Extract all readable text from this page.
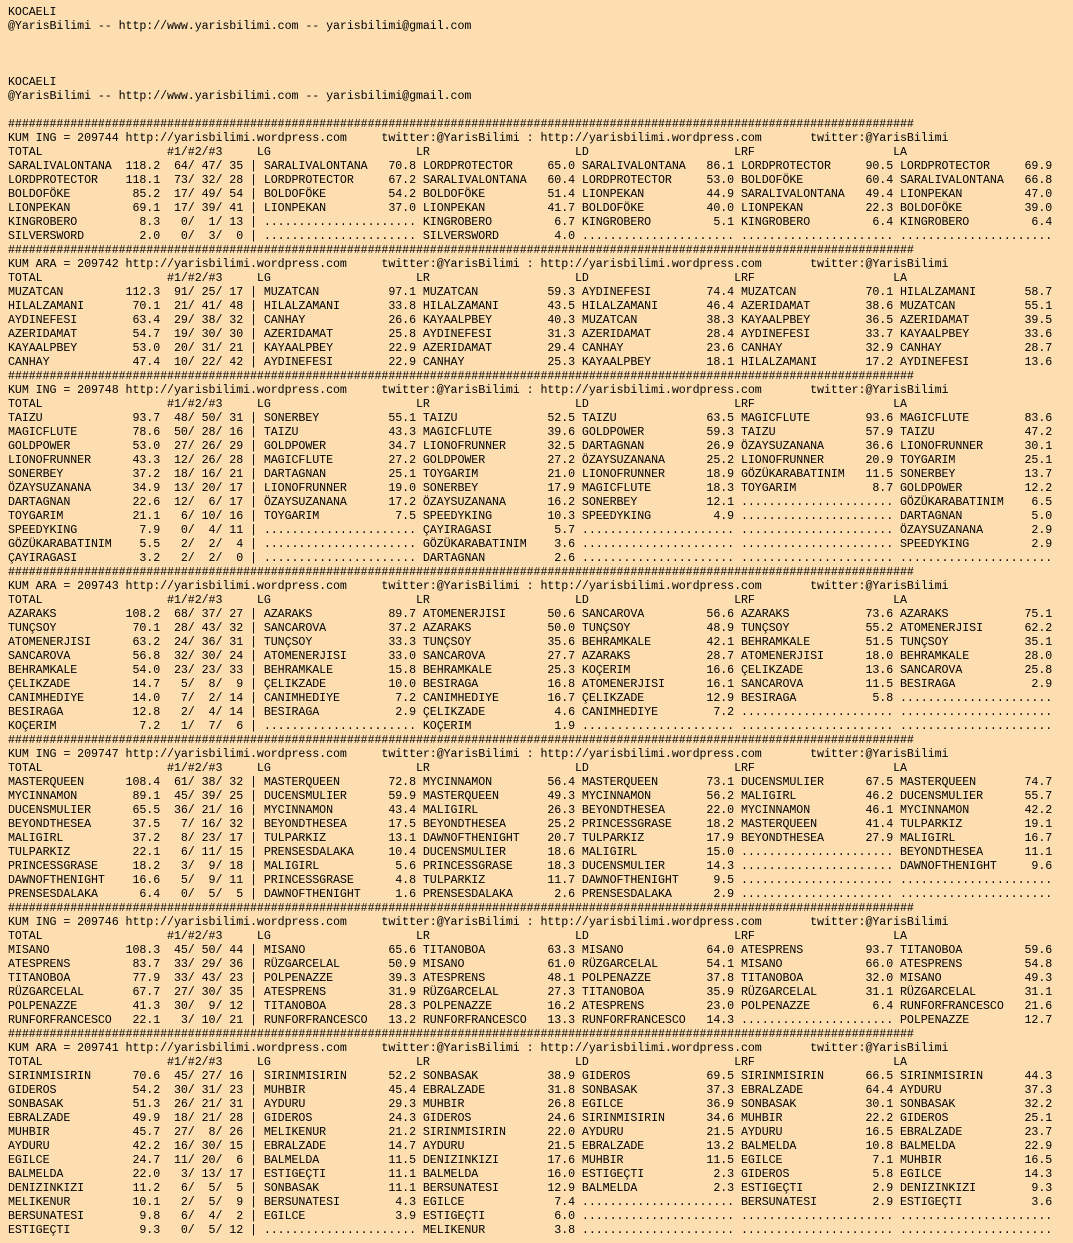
KOCAELI
@YarisBilimi -- http://www.yarisbilimi.com -- yarisbilimi@gmail.com
KOCAELI
@YarisBilimi -- http://www.yarisbilimi.com -- yarisbilimi@gmail.com
###################################################################################################################################
KUM ING = 209744 http://yarisbilimi.wordpress.com     twitter:@YarisBilimi : http://yarisbilimi.wordpress.com       twitter:@YarisBilimi
TOTAL                  #1/#2/#3     LG                     LR                     LD                     LRF                    LA
SARALIVALONTANA  118.2  64/ 47/ 35 | SARALIVALONTANA   70.8 LORDPROTECTOR     65.0 SARALIVALONTANA   86.1 LORDPROTECTOR     90.5 LORDPROTECTOR     69.9
LORDPROTECTOR    118.1  73/ 32/ 28 | LORDPROTECTOR     67.2 SARALIVALONTANA   60.4 LORDPROTECTOR     53.0 BOLDOFÖKE         60.4 SARALIVALONTANA   66.8
BOLDOFÖKE         85.2  17/ 49/ 54 | BOLDOFÖKE         54.2 BOLDOFÖKE         51.4 LIONPEKAN         44.9 SARALIVALONTANA   49.4 LIONPEKAN         47.0
LIONPEKAN         69.1  17/ 39/ 41 | LIONPEKAN         37.0 LIONPEKAN         41.7 BOLDOFÖKE         40.0 LIONPEKAN         22.3 BOLDOFÖKE         39.0
KINGROBERO         8.3   0/  1/ 13 | ...................... KINGROBERO         6.7 KINGROBERO         5.1 KINGROBERO         6.4 KINGROBERO         6.4
SILVERSWORD        2.0   0/  3/  0 | ...................... SILVERSWORD        4.0 ...................... ...................... ......................
###################################################################################################################################
KUM ARA = 209742 http://yarisbilimi.wordpress.com     twitter:@YarisBilimi : http://yarisbilimi.wordpress.com       twitter:@YarisBilimi
TOTAL                  #1/#2/#3     LG                     LR                     LD                     LRF                    LA
MUZATCAN         112.3  91/ 25/ 17 | MUZATCAN          97.1 MUZATCAN          59.3 AYDINEFESI        74.4 MUZATCAN          70.1 HILALZAMANI       58.7
HILALZAMANI       70.1  21/ 41/ 48 | HILALZAMANI       33.8 HILALZAMANI       43.5 HILALZAMANI       46.4 AZERIDAMAT        38.6 MUZATCAN          55.1
AYDINEFESI        63.4  29/ 38/ 32 | CANHAY            26.6 KAYAALPBEY        40.3 MUZATCAN          38.3 KAYAALPBEY        36.5 AZERIDAMAT        39.5
AZERIDAMAT        54.7  19/ 30/ 30 | AZERIDAMAT        25.8 AYDINEFESI        31.3 AZERIDAMAT        28.4 AYDINEFESI        33.7 KAYAALPBEY        33.6
KAYAALPBEY        53.0  20/ 31/ 21 | KAYAALPBEY        22.9 AZERIDAMAT        29.4 CANHAY            23.6 CANHAY            32.9 CANHAY            28.7
CANHAY            47.4  10/ 22/ 42 | AYDINEFESI        22.9 CANHAY            25.3 KAYAALPBEY        18.1 HILALZAMANI       17.2 AYDINEFESI        13.6
###################################################################################################################################
KUM ING = 209748 http://yarisbilimi.wordpress.com     twitter:@YarisBilimi : http://yarisbilimi.wordpress.com       twitter:@YarisBilimi
TOTAL                  #1/#2/#3     LG                     LR                     LD                     LRF                    LA
TAIZU             93.7  48/ 50/ 31 | SONERBEY          55.1 TAIZU             52.5 TAIZU             63.5 MAGICFLUTE        93.6 MAGICFLUTE        83.6
MAGICFLUTE        78.6  50/ 28/ 16 | TAIZU             43.3 MAGICFLUTE        39.6 GOLDPOWER         59.3 TAIZU             57.9 TAIZU             47.2
GOLDPOWER         53.0  27/ 26/ 29 | GOLDPOWER         34.7 LIONOFRUNNER      32.5 DARTAGNAN         26.9 ÖZAYSUZANANA      36.6 LIONOFRUNNER      30.1
LIONOFRUNNER      43.3  12/ 26/ 28 | MAGICFLUTE        27.2 GOLDPOWER         27.2 ÖZAYSUZANANA      25.2 LIONOFRUNNER      20.9 TOYGARIM          25.1
SONERBEY          37.2  18/ 16/ 21 | DARTAGNAN         25.1 TOYGARIM          21.0 LIONOFRUNNER      18.9 GÖZÜKARABATINIM   11.5 SONERBEY          13.7
ÖZAYSUZANANA      34.9  13/ 20/ 17 | LIONOFRUNNER      19.0 SONERBEY          17.9 MAGICFLUTE        18.3 TOYGARIM           8.7 GOLDPOWER         12.2
DARTAGNAN         22.6  12/  6/ 17 | ÖZAYSUZANANA      17.2 ÖZAYSUZANANA      16.2 SONERBEY          12.1 ...................... GÖZÜKARABATINIM    6.5
TOYGARIM          21.1   6/ 10/ 16 | TOYGARIM           7.5 SPEEDYKING        10.3 SPEEDYKING         4.9 ...................... DARTAGNAN          5.0
SPEEDYKING         7.9   0/  4/ 11 | ...................... ÇAYIRAGASI         5.7 ...................... ...................... ÖZAYSUZANANA       2.9
GÖZÜKARABATINIM    5.5   2/  2/  4 | ...................... GÖZÜKARABATINIM    3.6 ...................... ...................... SPEEDYKING         2.9
ÇAYIRAGASI         3.2   2/  2/  0 | ...................... DARTAGNAN          2.6 ...................... ...................... ......................
###################################################################################################################################
KUM ARA = 209743 http://yarisbilimi.wordpress.com     twitter:@YarisBilimi : http://yarisbilimi.wordpress.com       twitter:@YarisBilimi
TOTAL                  #1/#2/#3     LG                     LR                     LD                     LRF                    LA
AZARAKS          108.2  68/ 37/ 27 | AZARAKS           89.7 ATOMENERJISI      50.6 SANCAROVA         56.6 AZARAKS           73.6 AZARAKS           75.1
TUNÇSOY           70.1  28/ 43/ 32 | SANCAROVA         37.2 AZARAKS           50.0 TUNÇSOY           48.9 TUNÇSOY           55.2 ATOMENERJISI      62.2
ATOMENERJISI      63.2  24/ 36/ 31 | TUNÇSOY           33.3 TUNÇSOY           35.6 BEHRAMKALE        42.1 BEHRAMKALE        51.5 TUNÇSOY           35.1
SANCAROVA         56.8  32/ 30/ 24 | ATOMENERJISI      33.0 SANCAROVA         27.7 AZARAKS           28.7 ATOMENERJISI      18.0 BEHRAMKALE        28.0
BEHRAMKALE        54.0  23/ 23/ 33 | BEHRAMKALE        15.8 BEHRAMKALE        25.3 KOÇERIM           16.6 ÇELIKZADE         13.6 SANCAROVA         25.8
ÇELIKZADE         14.7   5/  8/  9 | ÇELIKZADE         10.0 BESIRAGA          16.8 ATOMENERJISI      16.1 SANCAROVA         11.5 BESIRAGA           2.9
CANIMHEDIYE       14.0   7/  2/ 14 | CANIMHEDIYE        7.2 CANIMHEDIYE       16.7 ÇELIKZADE         12.9 BESIRAGA           5.8 ......................
BESIRAGA          12.8   2/  4/ 14 | BESIRAGA           2.9 ÇELIKZADE          4.6 CANIMHEDIYE        7.2 ...................... ......................
KOÇERIM            7.2   1/  7/  6 | ...................... KOÇERIM            1.9 ...................... ...................... ......................
###################################################################################################################################
KUM ING = 209747 http://yarisbilimi.wordpress.com     twitter:@YarisBilimi : http://yarisbilimi.wordpress.com       twitter:@YarisBilimi
TOTAL                  #1/#2/#3     LG                     LR                     LD                     LRF                    LA
MASTERQUEEN      108.4  61/ 38/ 32 | MASTERQUEEN       72.8 MYCINNAMON        56.4 MASTERQUEEN       73.1 DUCENSMULIER      67.5 MASTERQUEEN       74.7
MYCINNAMON        89.1  45/ 39/ 25 | DUCENSMULIER      59.9 MASTERQUEEN       49.3 MYCINNAMON        56.2 MALIGIRL          46.2 DUCENSMULIER      55.7
DUCENSMULIER      65.5  36/ 21/ 16 | MYCINNAMON        43.4 MALIGIRL          26.3 BEYONDTHESEA      22.0 MYCINNAMON        46.1 MYCINNAMON        42.2
BEYONDTHESEA      37.5   7/ 16/ 32 | BEYONDTHESEA      17.5 BEYONDTHESEA      25.2 PRINCESSGRASE     18.2 MASTERQUEEN       41.4 TULPARKIZ         19.1
MALIGIRL          37.2   8/ 23/ 17 | TULPARKIZ         13.1 DAWNOFTHENIGHT    20.7 TULPARKIZ         17.9 BEYONDTHESEA      27.9 MALIGIRL          16.7
TULPARKIZ         22.1   6/ 11/ 15 | PRENSESDALAKA     10.4 DUCENSMULIER      18.6 MALIGIRL          15.0 ...................... BEYONDTHESEA      11.1
PRINCESSGRASE     18.2   3/  9/ 18 | MALIGIRL           5.6 PRINCESSGRASE     18.3 DUCENSMULIER      14.3 ...................... DAWNOFTHENIGHT     9.6
DAWNOFTHENIGHT    16.6   5/  9/ 11 | PRINCESSGRASE      4.8 TULPARKIZ         11.7 DAWNOFTHENIGHT     9.5 ...................... ......................
PRENSESDALAKA      6.4   0/  5/  5 | DAWNOFTHENIGHT     1.6 PRENSESDALAKA      2.6 PRENSESDALAKA      2.9 ...................... ......................
###################################################################################################################################
KUM ING = 209746 http://yarisbilimi.wordpress.com     twitter:@YarisBilimi : http://yarisbilimi.wordpress.com       twitter:@YarisBilimi
TOTAL                  #1/#2/#3     LG                     LR                     LD                     LRF                    LA
MISANO           108.3  45/ 50/ 44 | MISANO            65.6 TITANOBOA         63.3 MISANO            64.0 ATESPRENS         93.7 TITANOBOA         59.6
ATESPRENS         83.7  33/ 29/ 36 | RÜZGARCELAL       50.9 MISANO            61.0 RÜZGARCELAL       54.1 MISANO            66.0 ATESPRENS         54.8
TITANOBOA         77.9  33/ 43/ 23 | POLPENAZZE        39.3 ATESPRENS         48.1 POLPENAZZE        37.8 TITANOBOA         32.0 MISANO            49.3
RÜZGARCELAL       67.7  27/ 30/ 35 | ATESPRENS         31.9 RÜZGARCELAL       27.3 TITANOBOA         35.9 RÜZGARCELAL       31.1 RÜZGARCELAL       31.1
POLPENAZZE        41.3  30/  9/ 12 | TITANOBOA         28.3 POLPENAZZE        16.2 ATESPRENS         23.0 POLPENAZZE         6.4 RUNFORFRANCESCO   21.6
RUNFORFRANCESCO   22.1   3/ 10/ 21 | RUNFORFRANCESCO   13.2 RUNFORFRANCESCO   13.3 RUNFORFRANCESCO   14.3 ...................... POLPENAZZE        12.7
###################################################################################################################################
KUM ARA = 209741 http://yarisbilimi.wordpress.com     twitter:@YarisBilimi : http://yarisbilimi.wordpress.com       twitter:@YarisBilimi
TOTAL                  #1/#2/#3     LG                     LR                     LD                     LRF                    LA
SIRINMISIRIN      70.6  45/ 27/ 16 | SIRINMISIRIN      52.2 SONBASAK          38.9 GIDEROS           69.5 SIRINMISIRIN      66.5 SIRINMISIRIN      44.3
GIDEROS           54.2  30/ 31/ 23 | MUHBIR            45.4 EBRALZADE         31.8 SONBASAK          37.3 EBRALZADE         64.4 AYDURU            37.3
SONBASAK          51.3  26/ 21/ 31 | AYDURU            29.3 MUHBIR            26.8 EGILCE            36.9 SONBASAK          30.1 SONBASAK          32.2
EBRALZADE         49.9  18/ 21/ 28 | GIDEROS           24.3 GIDEROS           24.6 SIRINMISIRIN      34.6 MUHBIR            22.2 GIDEROS           25.1
MUHBIR            45.7  27/  8/ 26 | MELIKENUR         21.2 SIRINMISIRIN      22.0 AYDURU            21.5 AYDURU            16.5 EBRALZADE         23.7
AYDURU            42.2  16/ 30/ 15 | EBRALZADE         14.7 AYDURU            21.5 EBRALZADE         13.2 BALMELDA          10.8 BALMELDA          22.9
EGILCE            24.7  11/ 20/  6 | BALMELDA          11.5 DENIZINKIZI       17.6 MUHBIR            11.5 EGILCE             7.1 MUHBIR            16.5
BALMELDA          22.0   3/ 13/ 17 | ESTIGEÇTI         11.1 BALMELDA          16.0 ESTIGEÇTI          2.3 GIDEROS            5.8 EGILCE            14.3
DENIZINKIZI       11.2   6/  5/  5 | SONBASAK          11.1 BERSUNATESI       12.9 BALMELDA           2.3 ESTIGEÇTI          2.9 DENIZINKIZI        9.3
MELIKENUR         10.1   2/  5/  9 | BERSUNATESI        4.3 EGILCE             7.4 ...................... BERSUNATESI        2.9 ESTIGEÇTI          3.6
BERSUNATESI        9.8   6/  4/  2 | EGILCE             3.9 ESTIGEÇTI          6.0 ...................... ...................... ......................
ESTIGEÇTI          9.3   0/  5/ 12 | ...................... MELIKENUR          3.8 ...................... ...................... ......................
